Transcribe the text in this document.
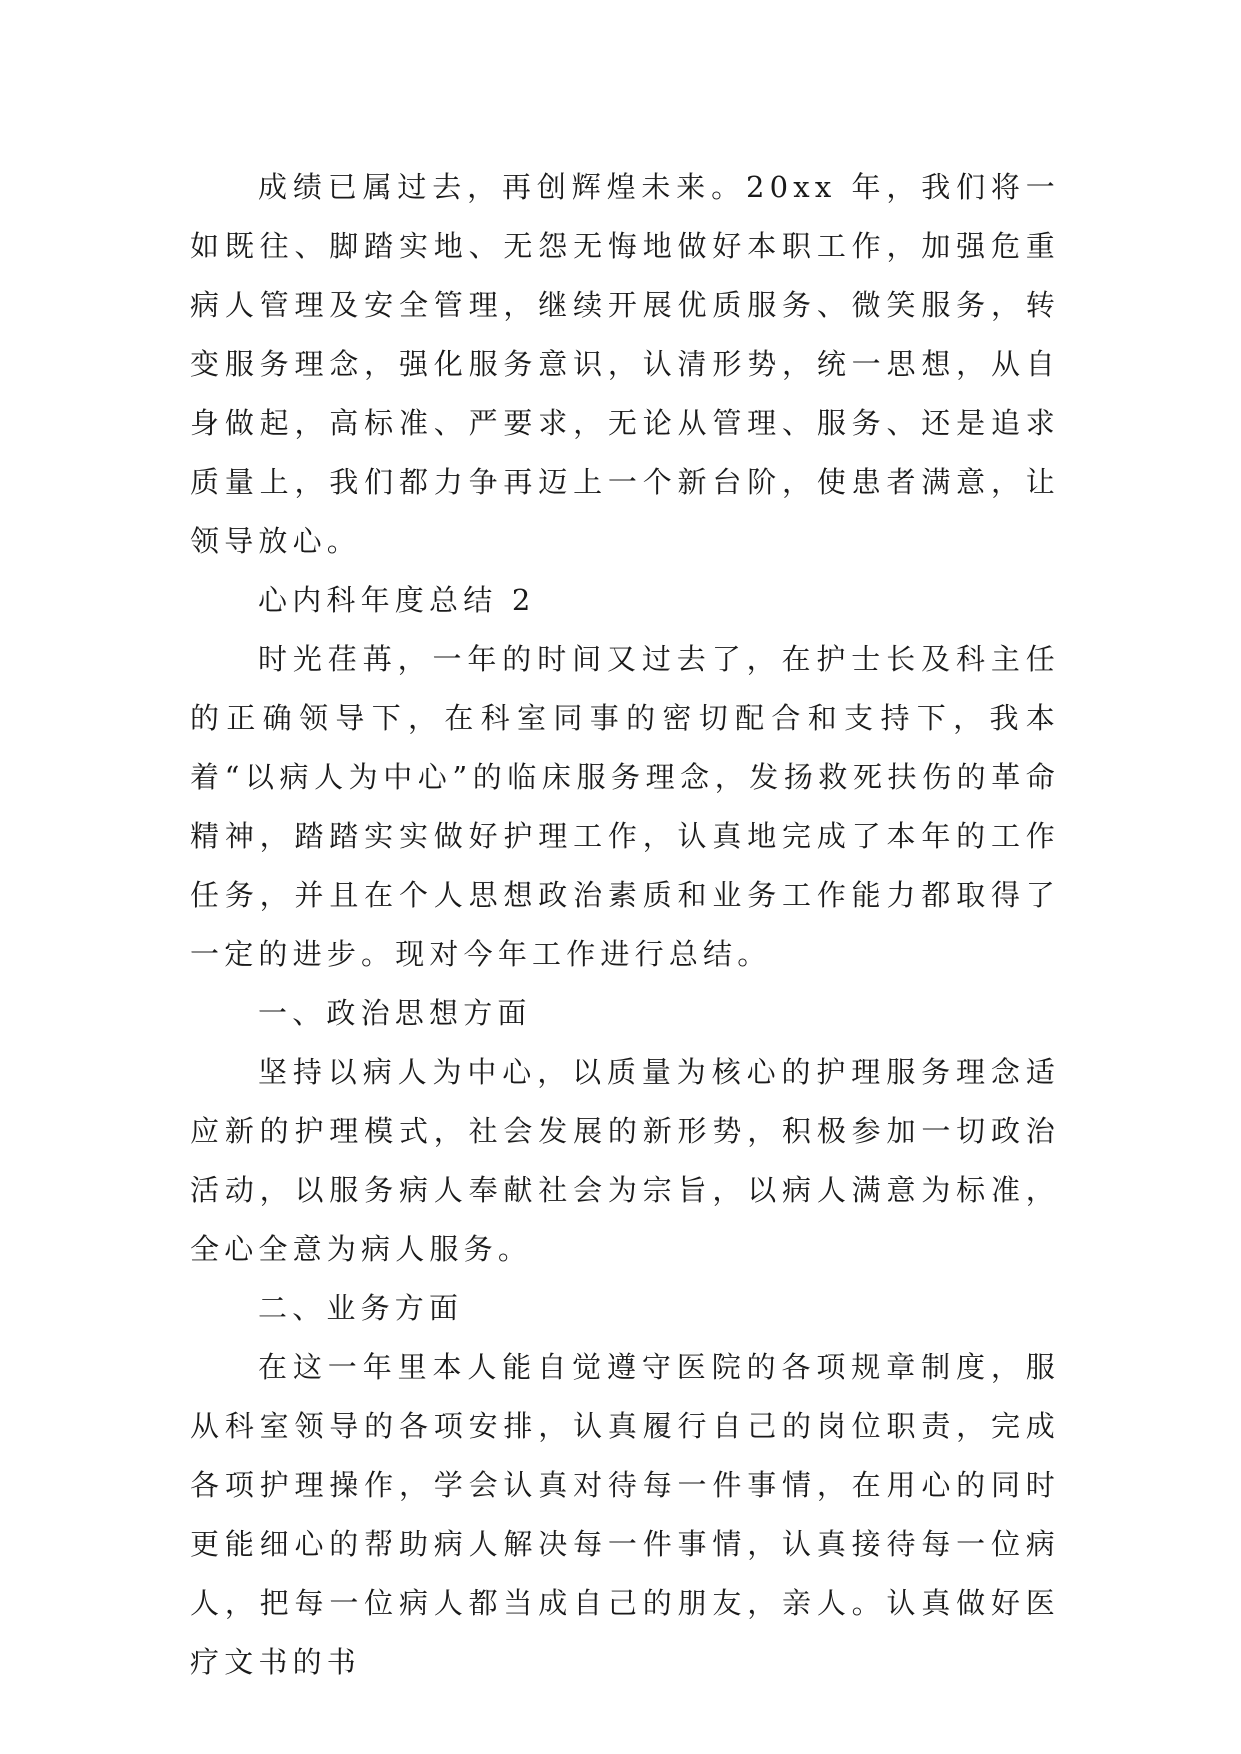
成绩已属过去，再创辉煌未来。20xx 年，我们将一如既往、脚踏实地、无怨无悔地做好本职工作，加强危重病人管理及安全管理，继续开展优质服务、微笑服务，转变服务理念，强化服务意识，认清形势，统一思想，从自身做起，高标准、严要求，无论从管理、服务、还是追求质量上，我们都力争再迈上一个新台阶，使患者满意，让领导放心。

心内科年度总结 2

时光荏苒，一年的时间又过去了，在护士长及科主任的正确领导下，在科室同事的密切配合和支持下，我本着“以病人为中心”的临床服务理念，发扬救死扶伤的革命精神，踏踏实实做好护理工作，认真地完成了本年的工作任务，并且在个人思想政治素质和业务工作能力都取得了一定的进步。现对今年工作进行总结。

一、政治思想方面

坚持以病人为中心，以质量为核心的护理服务理念适应新的护理模式，社会发展的新形势，积极参加一切政治活动，以服务病人奉献社会为宗旨，以病人满意为标准，全心全意为病人服务。

二、业务方面

在这一年里本人能自觉遵守医院的各项规章制度，服从科室领导的各项安排，认真履行自己的岗位职责，完成各项护理操作，学会认真对待每一件事情，在用心的同时更能细心的帮助病人解决每一件事情，认真接待每一位病人，把每一位病人都当成自己的朋友，亲人。认真做好医疗文书的书
